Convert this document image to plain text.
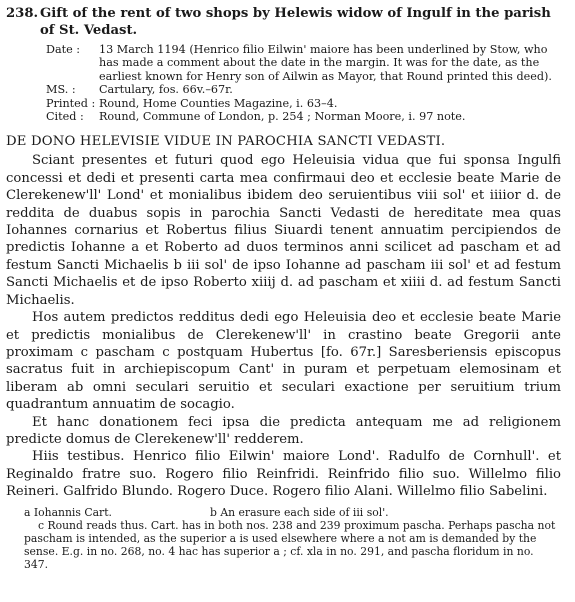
238. Gift of the rent of two shops by Helewis widow of Ingulf in the parish of St. Vedast.
Date :	13 March 1194 (Henrico filio Eilwin' maiore has been underlined by Stow, who has made a comment about the date in the margin. It was for the date, as the earliest known for Henry son of Ailwin as Mayor, that Round printed this deed).
MS. :	Cartulary, fos. 66v.–67r.
Printed : Round, Home Counties Magazine, i. 63–4.
Cited :	Round, Commune of London, p. 254 ; Norman Moore, i. 97 note.
DE DONO HELEVISIE VIDUE IN PAROCHIA SANCTI VEDASTI.

Sciant presentes et futuri quod ego Heleuisia vidua que fui sponsa Ingulfi concessi et dedi et presenti carta mea confirmaui deo et ecclesie beate Marie de Clerekenew'll' Lond' et monialibus ibidem deo seruientibus viii sol' et iiiior d. de reddita de duabus sopis in parochia Sancti Vedasti de hereditate mea quas Iohannes cornarius et Robertus filius Siuardi tenent annuatim percipiendos de predictis Iohanne a et Roberto ad duos terminos anni scilicet ad pascham et ad festum Sancti Michaelis b iii sol' de ipso Iohanne ad pascham iii sol' et ad festum Sancti Michaelis et de ipso Roberto xiiij d. ad pascham et xiiii d. ad festum Sancti Michaelis.

Hos autem predictos redditus dedi ego Heleuisia deo et ecclesie beate Marie et predictis monialibus de Clerekenew'll' in crastino beate Gregorii ante proximam c pascham c postquam Hubertus [fo. 67r.] Saresberiensis episcopus sacratus fuit in archiepiscopum Cant' in puram et perpetuam elemosinam et liberam ab omni seculari seruitio et seculari exactione per seruitium trium quadrantum annuatim de socagio.

Et hanc donationem feci ipsa die predicta antequam me ad religionem predicte domus de Clerekenew'll' redderem.

Hiis testibus. Henrico filio Eilwin' maiore Lond'. Radulfo de Cornhull'. et Reginaldo fratre suo. Rogero filio Reinfridi. Reinfrido filio suo. Willelmo filio Reineri. Galfrido Blundo. Rogero Duce. Rogero filio Alani. Willelmo filio Sabelini.

a Iohannis Cart.	b An erasure each side of iii sol'.
c Round reads thus. Cart. has in both nos. 238 and 239 proximum pascha. Perhaps pascha not pascham is intended, as the superior a is used elsewhere where a not am is demanded by the sense. E.g. in no. 268, no. 4 hac has superior a ; cf. xla in no. 291, and pascha floridum in no. 347.
